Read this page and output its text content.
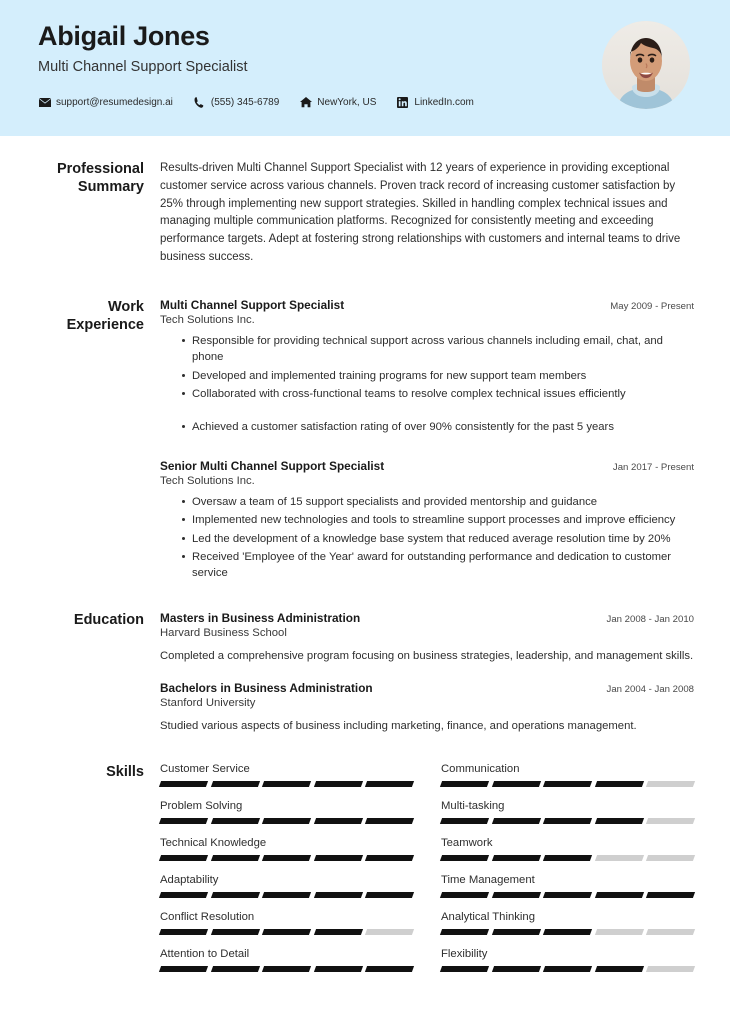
Abigail Jones
Multi Channel Support Specialist
support@resumedesign.ai	(555) 345-6789	NewYork, US	LinkedIn.com
Professional Summary
Results-driven Multi Channel Support Specialist with 12 years of experience in providing exceptional customer service across various channels. Proven track record of increasing customer satisfaction by 25% through implementing new support strategies. Skilled in handling complex technical issues and managing multiple communication platforms. Recognized for consistently meeting and exceeding performance targets. Adept at fostering strong relationships with customers and internal teams to drive business success.
Work Experience
Multi Channel Support Specialist	May 2009 - Present
Tech Solutions Inc.
Responsible for providing technical support across various channels including email, chat, and phone
Developed and implemented training programs for new support team members
Collaborated with cross-functional teams to resolve complex technical issues efficiently
Achieved a customer satisfaction rating of over 90% consistently for the past 5 years
Senior Multi Channel Support Specialist	Jan 2017 - Present
Tech Solutions Inc.
Oversaw a team of 15 support specialists and provided mentorship and guidance
Implemented new technologies and tools to streamline support processes and improve efficiency
Led the development of a knowledge base system that reduced average resolution time by 20%
Received 'Employee of the Year' award for outstanding performance and dedication to customer service
Education	Masters in Business Administration	Jan 2008 - Jan 2010
Harvard Business School
Completed a comprehensive program focusing on business strategies, leadership, and management skills.
Bachelors in Business Administration	Jan 2004 - Jan 2008
Stanford University
Studied various aspects of business including marketing, finance, and operations management.
Skills	Customer Service	Communication
Problem Solving	Multi-tasking
Technical Knowledge	Teamwork
Adaptability	Time Management
Conflict Resolution	Analytical Thinking
Attention to Detail	Flexibility
